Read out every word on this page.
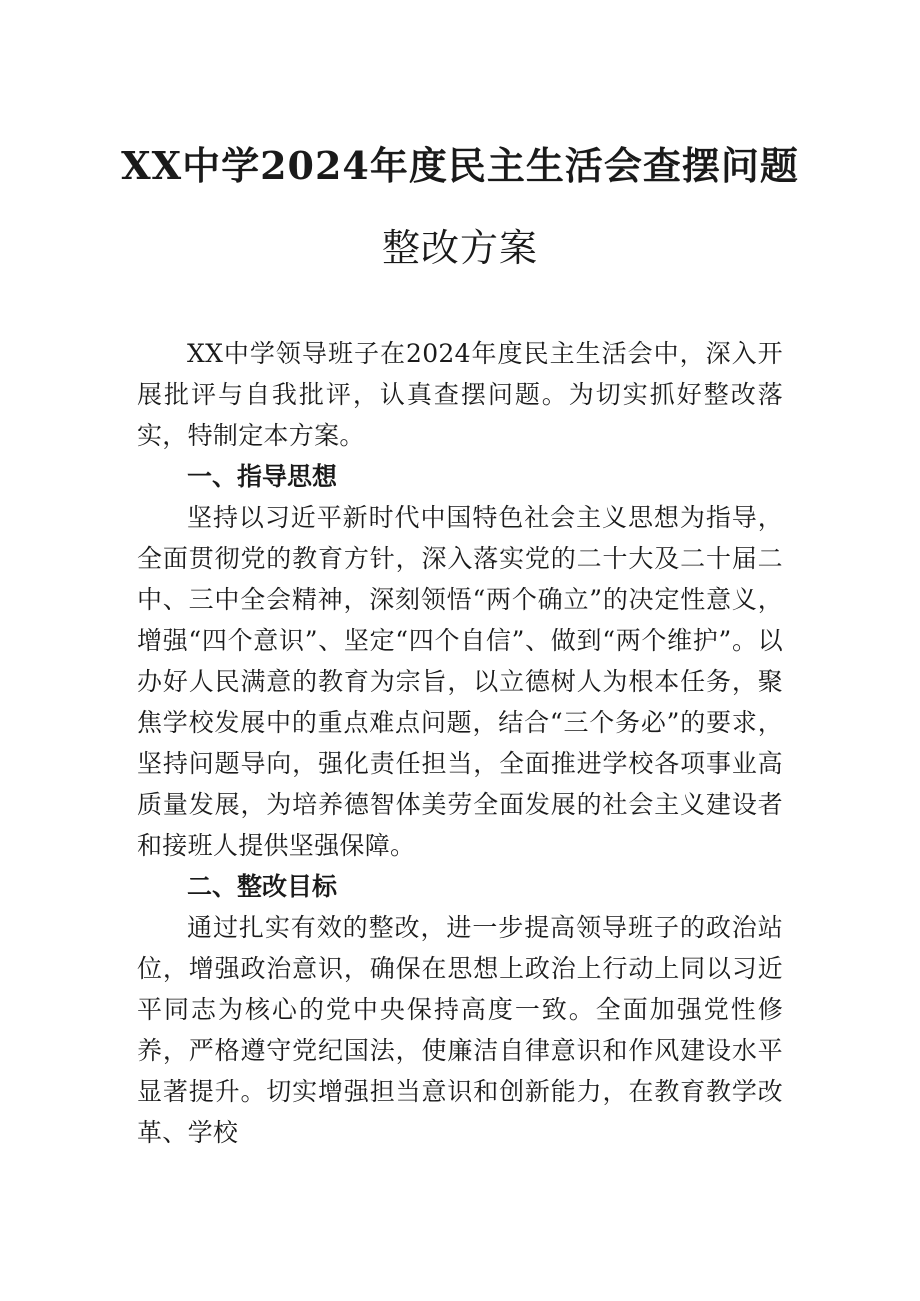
XX中学2024年度民主生活会查摆问题
整改方案

XX中学领导班子在2024年度民主生活会中，深入开展批评与自我批评，认真查摆问题。为切实抓好整改落实，特制定本方案。

一、指导思想

坚持以习近平新时代中国特色社会主义思想为指导，全面贯彻党的教育方针，深入落实党的二十大及二十届二中、三中全会精神，深刻领悟“两个确立”的决定性意义，增强“四个意识”、坚定“四个自信”、做到“两个维护”。以办好人民满意的教育为宗旨，以立德树人为根本任务，聚焦学校发展中的重点难点问题，结合“三个务必”的要求，坚持问题导向，强化责任担当，全面推进学校各项事业高质量发展，为培养德智体美劳全面发展的社会主义建设者和接班人提供坚强保障。

二、整改目标

通过扎实有效的整改，进一步提高领导班子的政治站位，增强政治意识，确保在思想上政治上行动上同以习近平同志为核心的党中央保持高度一致。全面加强党性修养，严格遵守党纪国法，使廉洁自律意识和作风建设水平显著提升。切实增强担当意识和创新能力，在教育教学改革、学校
